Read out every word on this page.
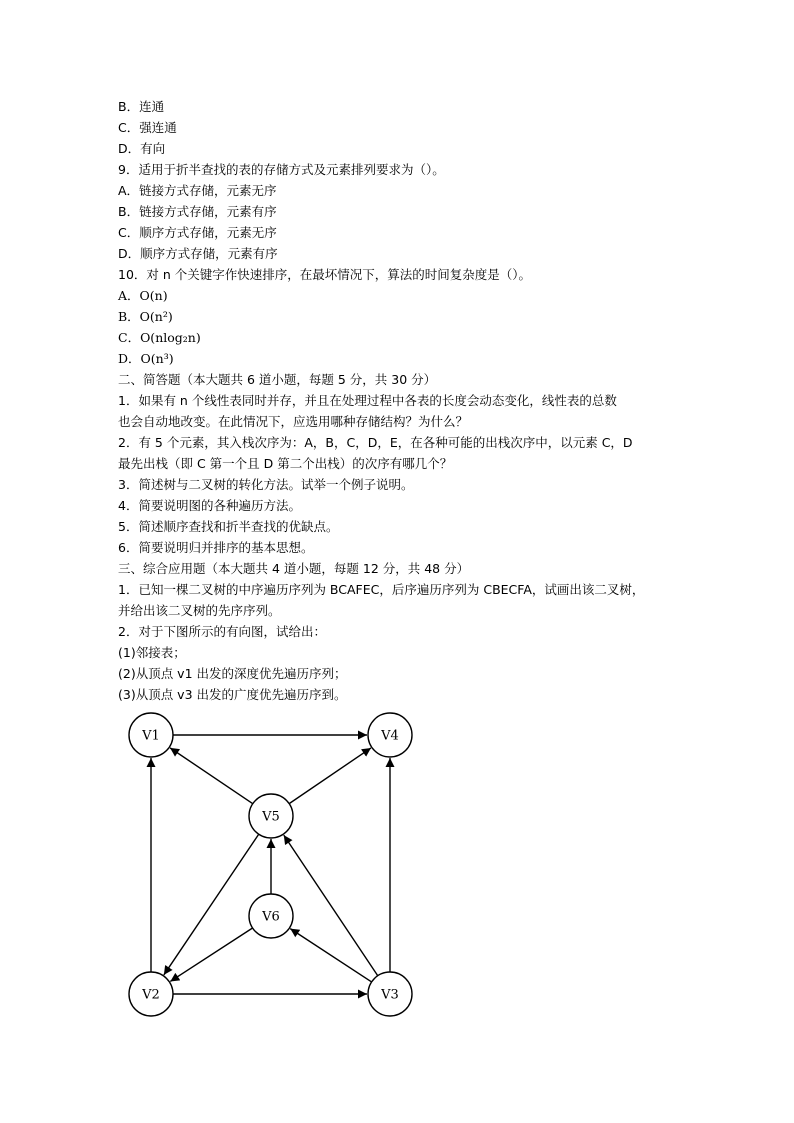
B．连通
C．强连通
D．有向
9．适用于折半查找的表的存储方式及元素排列要求为（）。
A．链接方式存储，元素无序
B．链接方式存储，元素有序
C．顺序方式存储，元素无序
D．顺序方式存储，元素有序
10．对 n 个关键字作快速排序，在最坏情况下，算法的时间复杂度是（）。
A．O(n)
B．O(n²)
C．O(nlog₂n)
D．O(n³)
二、简答题（本大题共 6 道小题，每题 5 分，共 30 分）
1．如果有 n 个线性表同时并存，并且在处理过程中各表的长度会动态变化，线性表的总数
也会自动地改变。在此情况下，应选用哪种存储结构？为什么？
2．有 5 个元素，其入栈次序为：A，B，C，D，E，在各种可能的出栈次序中，以元素 C，D
最先出栈（即 C 第一个且 D 第二个出栈）的次序有哪几个？
3．简述树与二叉树的转化方法。试举一个例子说明。
4．简要说明图的各种遍历方法。
5．简述顺序查找和折半查找的优缺点。
6．简要说明归并排序的基本思想。
三、综合应用题（本大题共 4 道小题，每题 12 分，共 48 分）
1．已知一棵二叉树的中序遍历序列为 BCAFEC，后序遍历序列为 CBECFA，试画出该二叉树，
并给出该二叉树的先序序列。
2．对于下图所示的有向图，试给出：
(1)邻接表；
(2)从顶点 v1 出发的深度优先遍历序列；
(3)从顶点 v3 出发的广度优先遍历序到。
V1	V4
V5
V6
V2	V3
